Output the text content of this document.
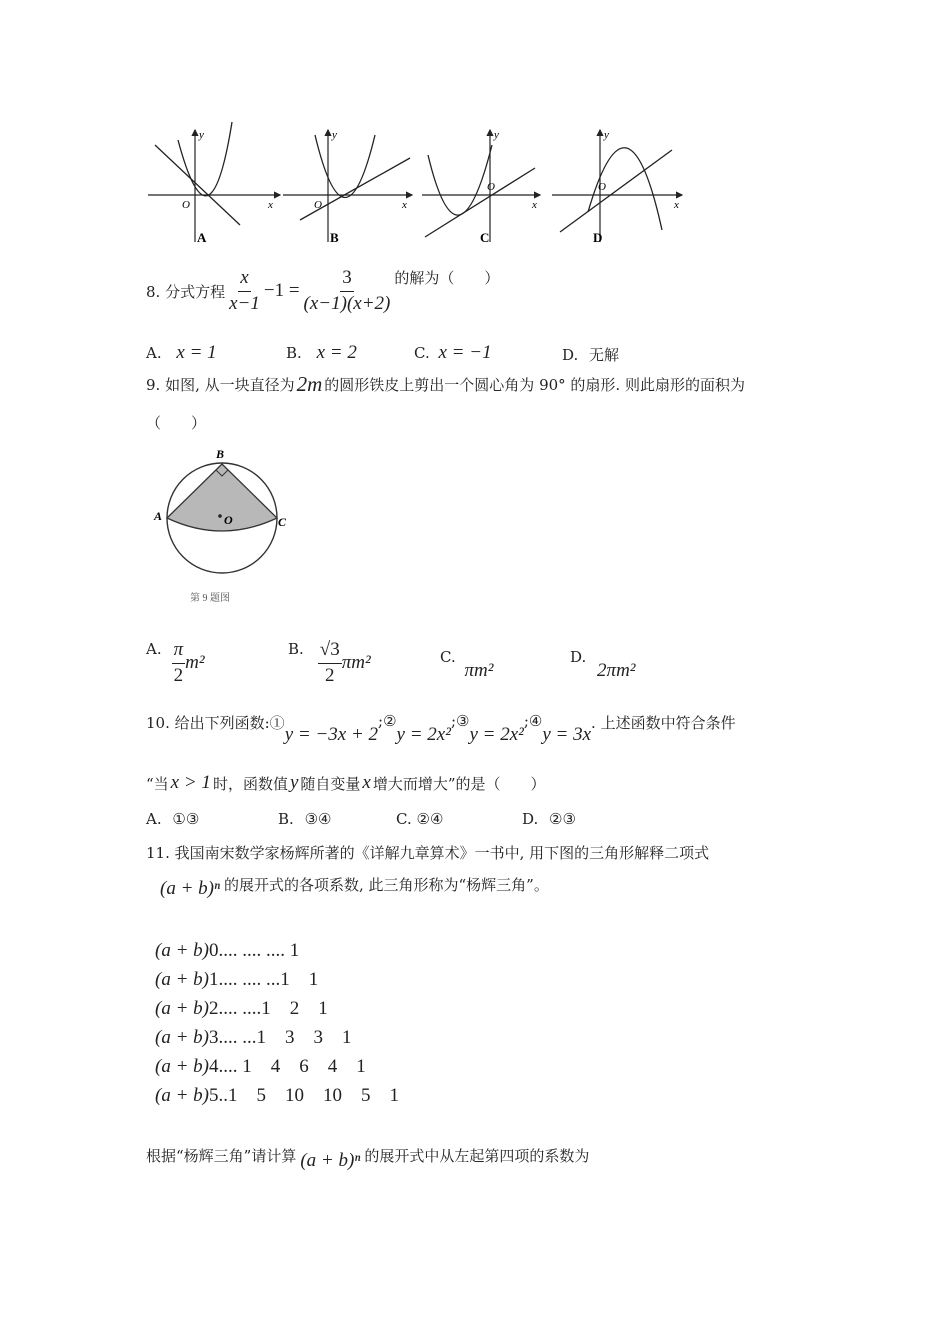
y
x
O
A
y
x
O
B
y
x
O
C
y
x
O
D
8. 分式方程 $\frac{x}{x-1} -1 = \frac{3}{(x-1)(x+2)}$ 的解为（　　）
A. x = 1	B. x = 2	C. x = −1	D. 无解
9. 如图, 从一块直径为 2m 的圆形铁皮上剪出一个圆心角为 90° 的扇形. 则此扇形的面积为
（　　）
B
A	C
O
第 9 题图
A. $\frac{\pi}{2} m^2$
B. $\frac{√3}{2} \pi m^2$	C. πm²
D. 2πm²
10. 给出下列函数:①
y = −3x + 2
;②
y = 2x²
;③
y = 2x²
;④
y = 3x
. 上述函数中符合条件
“当 x > 1 时，函数值 y 随自变量 x 增大而增大”的是（　　）
A. ①③	B. ③④	C. ②④	D. ②③
11. 我国南宋数学家杨辉所著的《详解九章算术》一书中, 用下图的三角形解释二项式
(a + b)ⁿ 的展开式的各项系数, 此三角形称为“杨辉三角”。
(a + b)0.... .... .... 1
(a + b)1.... .... ...1    1
(a + b)2.... ....1    2    1
(a + b)3.... ...1    3    3    1
(a + b)4.... 1    4    6    4    1
(a + b)5..1    5    10    10    5    1
根据“杨辉三角”请计算 (a + b)ⁿ 的展开式中从左起第四项的系数为
